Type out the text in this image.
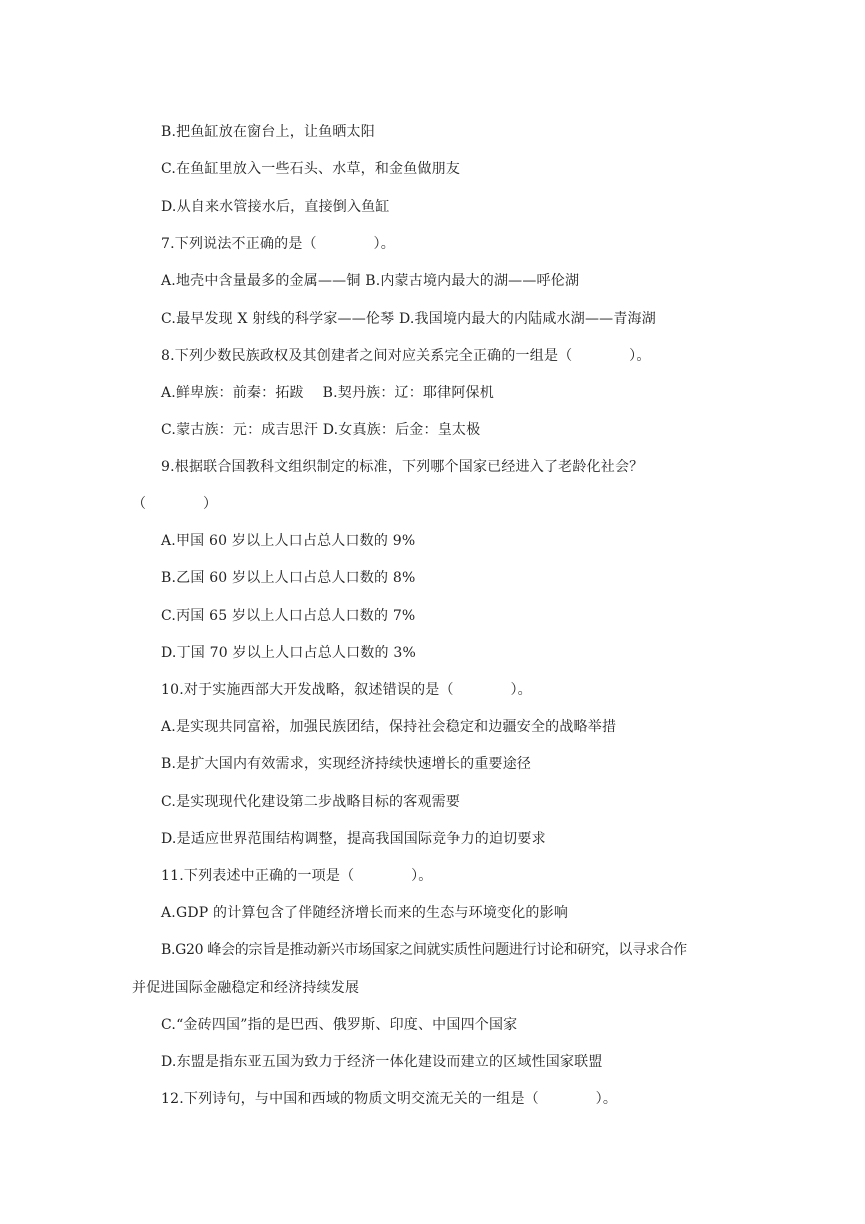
B.把鱼缸放在窗台上，让鱼晒太阳
C.在鱼缸里放入一些石头、水草，和金鱼做朋友
D.从自来水管接水后，直接倒入鱼缸
7.下列说法不正确的是（　　　　）。
A.地壳中含量最多的金属——铜 B.内蒙古境内最大的湖——呼伦湖
C.最早发现 X 射线的科学家——伦琴 D.我国境内最大的内陆咸水湖——青海湖
8.下列少数民族政权及其创建者之间对应关系完全正确的一组是（　　　　）。
A.鲜卑族：前秦：拓跋　 B.契丹族：辽：耶律阿保机
C.蒙古族：元：成吉思汗 D.女真族：后金：皇太极
9.根据联合国教科文组织制定的标准，下列哪个国家已经进入了老龄化社会？
（　　　　）
A.甲国 60 岁以上人口占总人口数的 9%
B.乙国 60 岁以上人口占总人口数的 8%
C.丙国 65 岁以上人口占总人口数的 7%
D.丁国 70 岁以上人口占总人口数的 3%
10.对于实施西部大开发战略，叙述错误的是（　　　　）。
A.是实现共同富裕，加强民族团结，保持社会稳定和边疆安全的战略举措
B.是扩大国内有效需求，实现经济持续快速增长的重要途径
C.是实现现代化建设第二步战略目标的客观需要
D.是适应世界范围结构调整，提高我国国际竞争力的迫切要求
11.下列表述中正确的一项是（　　　　）。
A.GDP 的计算包含了伴随经济增长而来的生态与环境变化的影响
B.G20 峰会的宗旨是推动新兴市场国家之间就实质性问题进行讨论和研究，以寻求合作
并促进国际金融稳定和经济持续发展
C.“金砖四国”指的是巴西、俄罗斯、印度、中国四个国家
D.东盟是指东亚五国为致力于经济一体化建设而建立的区域性国家联盟
12.下列诗句，与中国和西域的物质文明交流无关的一组是（　　　　）。
